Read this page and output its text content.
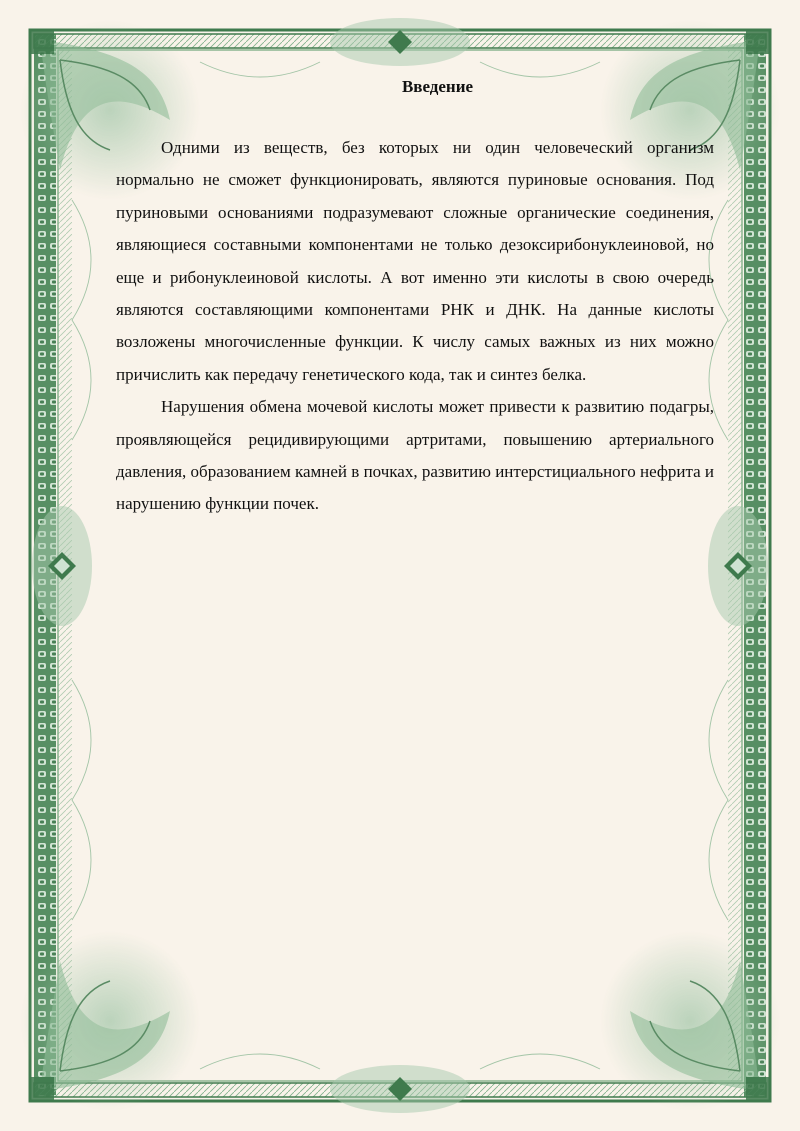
Введение

Одними из веществ, без которых ни один человеческий организм нормально не сможет функционировать, являются пуриновые основания. Под пуриновыми основаниями подразумевают сложные органические соединения, являющиеся составными компонентами не только дезоксирибонуклеиновой, но еще и рибонуклеиновой кислоты. А вот именно эти кислоты в свою очередь являются составляющими компонентами РНК и ДНК. На данные кислоты возложены многочисленные функции. К числу самых важных из них можно причислить как передачу генетического кода, так и синтез белка.

Нарушения обмена мочевой кислоты может привести к развитию подагры, проявляющейся рецидивирующими артритами, повышению артериального давления, образованием камней в почках, развитию интерстициального нефрита и нарушению функции почек.
